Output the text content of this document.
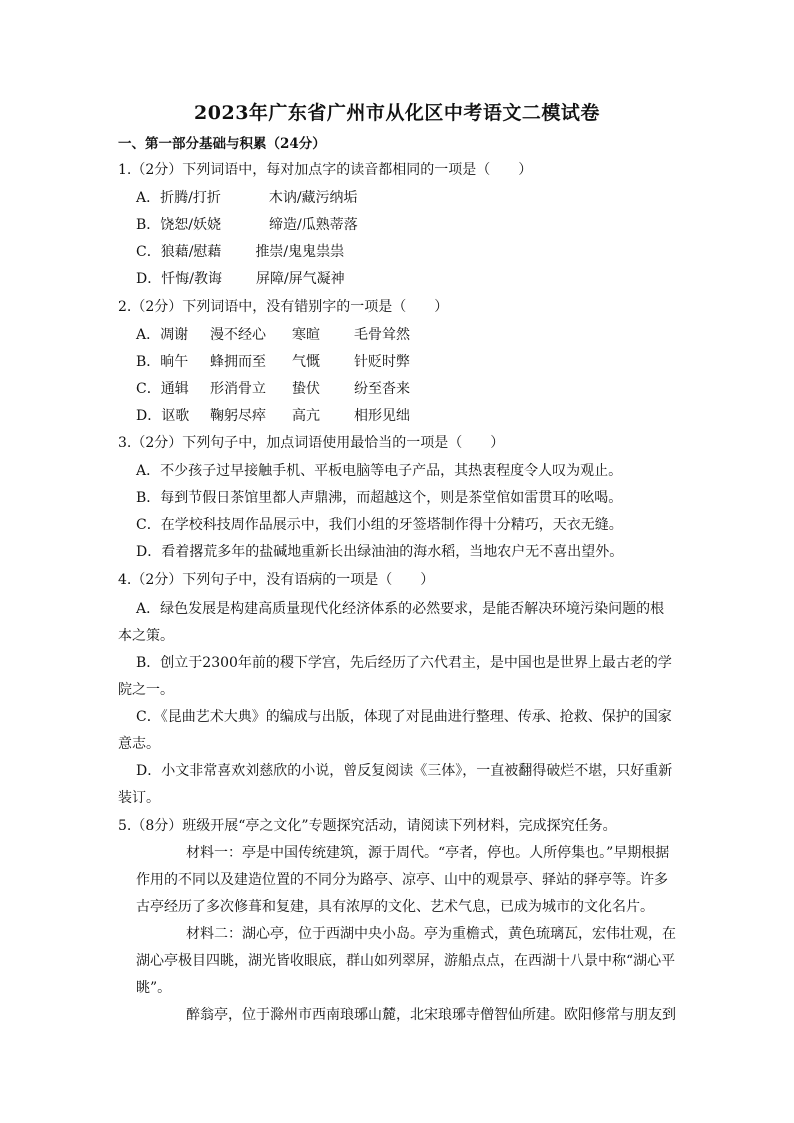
2023年广东省广州市从化区中考语文二模试卷
一、第一部分基础与积累（24分）
1.（2分）下列词语中，每对加点字的读音都相同的一项是（　　）
A．折腾/打折	木讷/藏污纳垢
B．饶恕/妖娆	缔造/瓜熟蒂落
C．狼藉/慰藉 推崇/鬼鬼祟祟
D．忏悔/教诲 屏障/屏气凝神
2.（2分）下列词语中，没有错别字的一项是（　　）
A．凋谢 漫不经心 寒暄 毛骨耸然
B．晌午 蜂拥而至 气慨 针贬时弊
C．通辑 形消骨立 蛰伏 纷至沓来
D．讴歌 鞠躬尽瘁 高亢 相形见绌
3.（2分）下列句子中，加点词语使用最恰当的一项是（　　）
A．不少孩子过早接触手机、平板电脑等电子产品，其热衷程度令人叹为观止。
B．每到节假日茶馆里都人声鼎沸，而超越这个，则是茶堂倌如雷贯耳的吆喝。
C．在学校科技周作品展示中，我们小组的牙签塔制作得十分精巧，天衣无缝。
D．看着撂荒多年的盐碱地重新长出绿油油的海水稻，当地农户无不喜出望外。
4.（2分）下列句子中，没有语病的一项是（　　）
A．绿色发展是构建高质量现代化经济体系的必然要求，是能否解决环境污染问题的根本之策。
B．创立于2300年前的稷下学宫，先后经历了六代君主，是中国也是世界上最古老的学院之一。
C．《昆曲艺术大典》的编成与出版，体现了对昆曲进行整理、传承、抢救、保护的国家意志。
D．小文非常喜欢刘慈欣的小说，曾反复阅读《三体》，一直被翻得破烂不堪，只好重新装订。
5.（8分）班级开展“亭之文化”专题探究活动，请阅读下列材料，完成探究任务。
材料一：亭是中国传统建筑，源于周代。“亭者，停也。人所停集也。”早期根据作用的不同以及建造位置的不同分为路亭、凉亭、山中的观景亭、驿站的驿亭等。许多古亭经历了多次修葺和复建，具有浓厚的文化、艺术气息，已成为城市的文化名片。
材料二：湖心亭，位于西湖中央小岛。亭为重檐式，黄色琉璃瓦，宏伟壮观，在湖心亭极目四眺，湖光皆收眼底，群山如列翠屏，游船点点，在西湖十八景中称“湖心平眺”。
醉翁亭，位于滁州市西南琅琊山麓，北宋琅琊寺僧智仙所建。欧阳修常与朋友到
